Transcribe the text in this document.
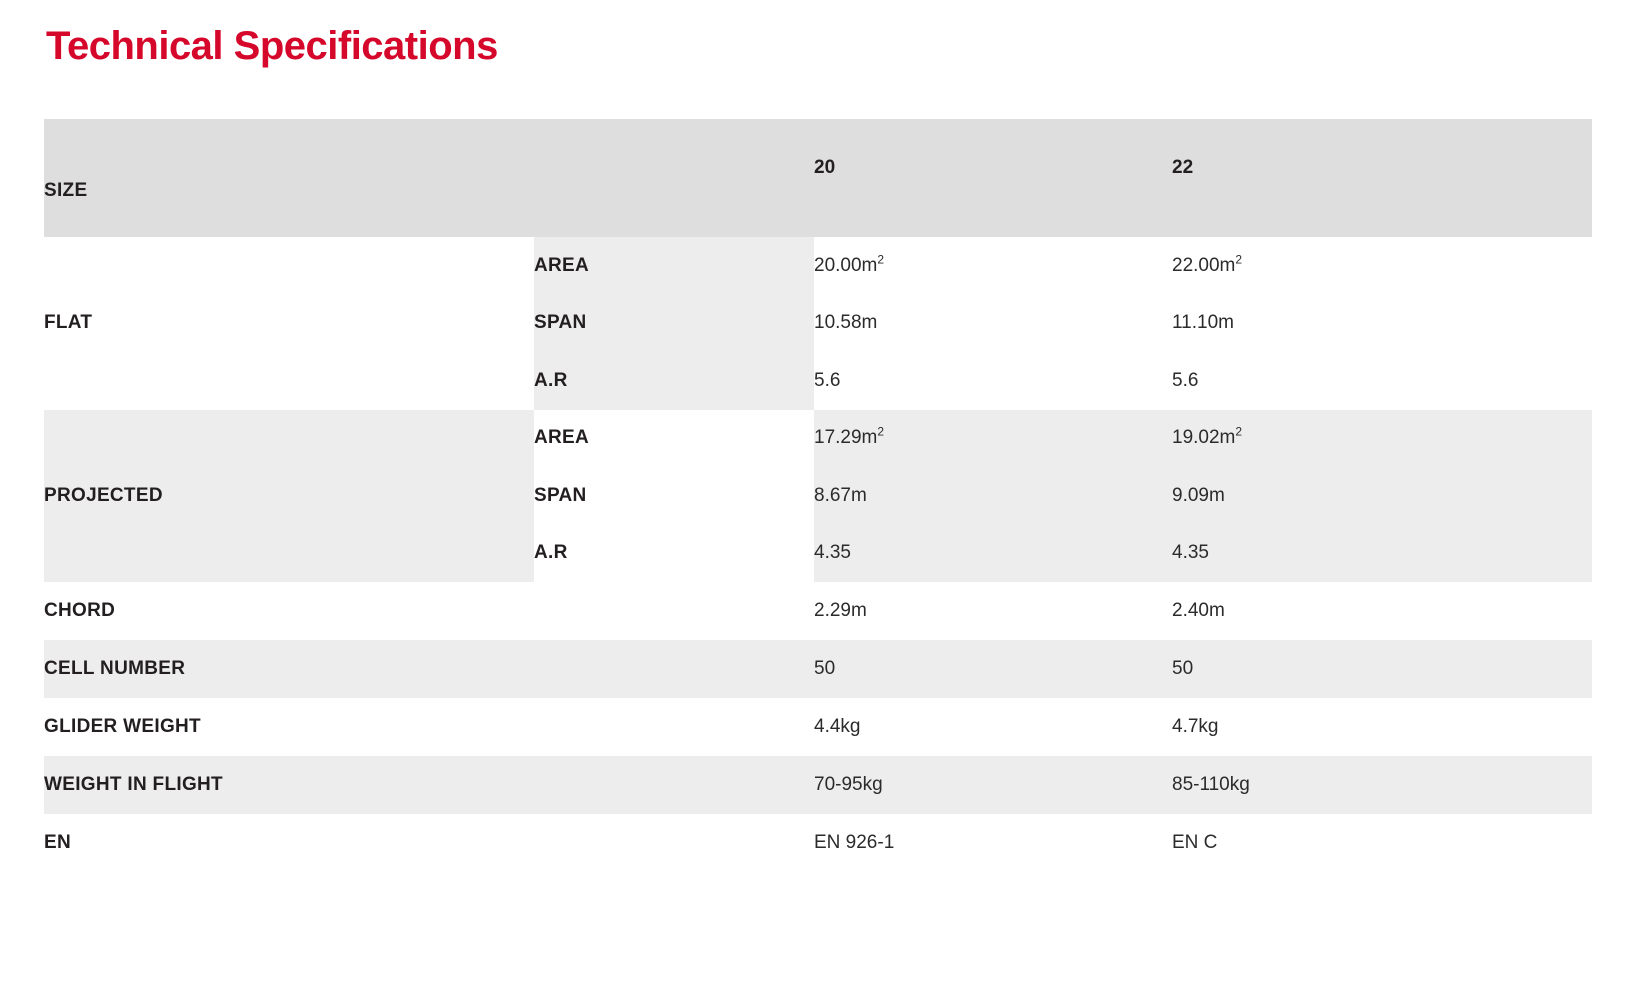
Technical Specifications
SIZE		20	22
FLAT	AREA	$20.00m^2$	$22.00m^2$
	SPAN	10.58m	11.10m
	A.R	5.6	5.6
PROJECTED	AREA	$17.29m^2$	$19.02m^2$
	SPAN	8.67m	9.09m
	A.R	4.35	4.35
CHORD		2.29m	2.40m
CELL NUMBER		50	50
GLIDER WEIGHT		4.4kg	4.7kg
WEIGHT IN FLIGHT		70-95kg	85-110kg
EN		EN 926-1	EN C
